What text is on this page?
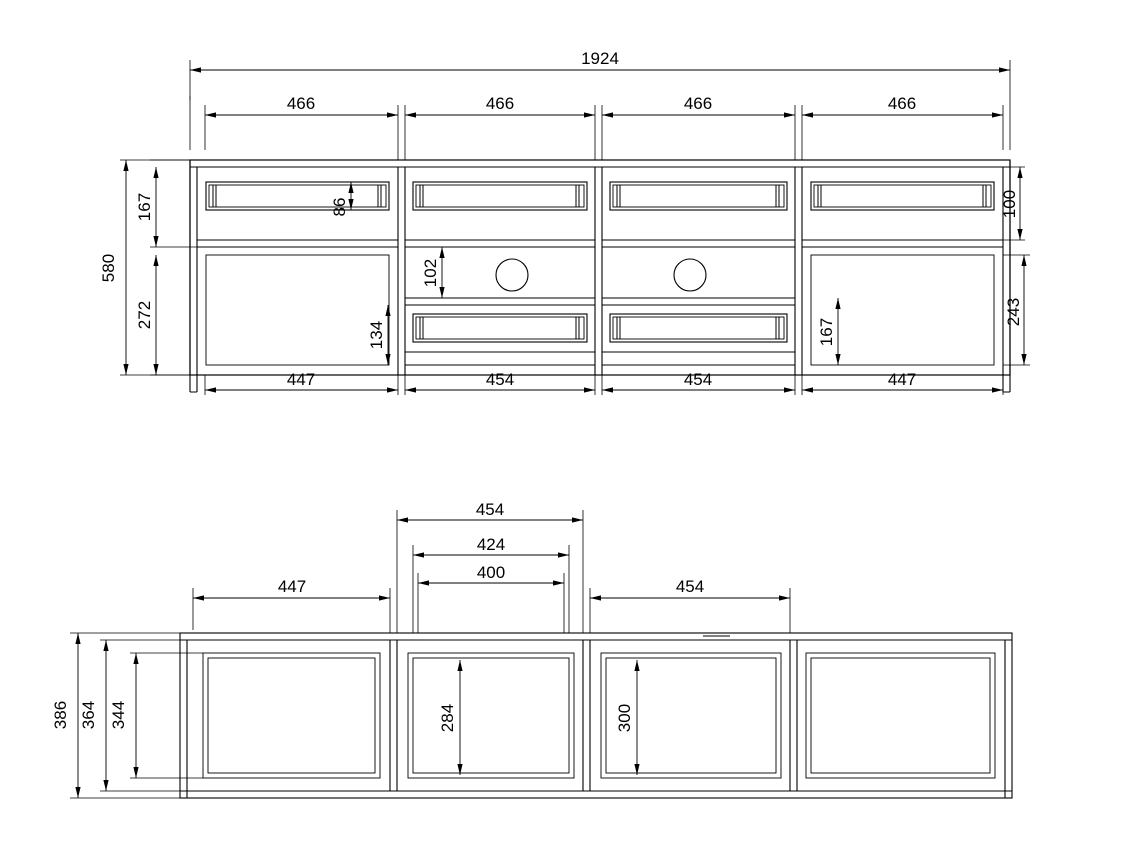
1924
466	466	466	466
447	454	454	447
580
167
272
86
102
134	167
100
243
447
454
424
400
454
386 364 344	284	300
